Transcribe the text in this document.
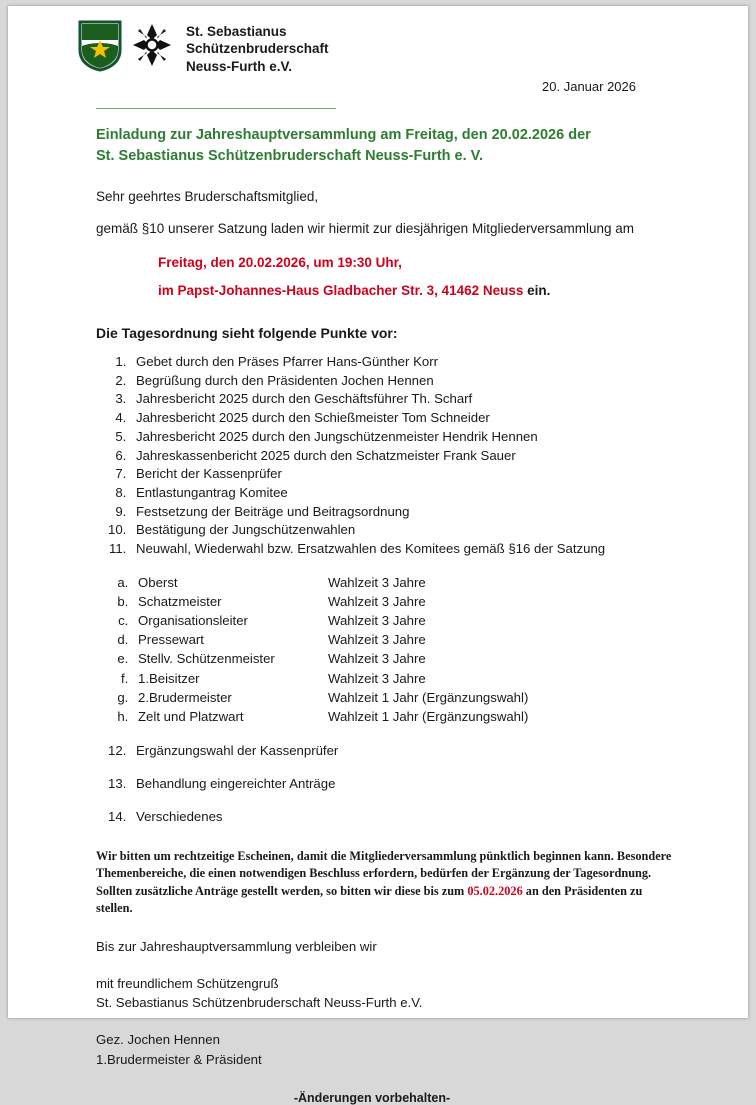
St. Sebastianus
Schützenbruderschaft
Neuss-Furth e.V.
20. Januar 2026
Einladung zur Jahreshauptversammlung am Freitag, den 20.02.2026 der
St. Sebastianus Schützenbruderschaft Neuss-Furth e. V.
Sehr geehrtes Bruderschaftsmitglied,
gemäß §10 unserer Satzung laden wir hiermit zur diesjährigen Mitgliederversammlung am
Freitag, den 20.02.2026, um 19:30 Uhr,
im Papst-Johannes-Haus Gladbacher Str. 3, 41462 Neuss ein.
Die Tagesordnung sieht folgende Punkte vor:
1. Gebet durch den Präses Pfarrer Hans-Günther Korr
2. Begrüßung durch den Präsidenten Jochen Hennen
3. Jahresbericht 2025 durch den Geschäftsführer Th. Scharf
4. Jahresbericht 2025 durch den Schießmeister Tom Schneider
5. Jahresbericht 2025 durch den Jungschützenmeister Hendrik Hennen
6. Jahreskassenbericht 2025 durch den Schatzmeister Frank Sauer
7. Bericht der Kassenprüfer
8. Entlastungantrag Komitee
9. Festsetzung der Beiträge und Beitragsordnung
10. Bestätigung der Jungschützenwahlen
11. Neuwahl, Wiederwahl bzw. Ersatzwahlen des Komitees gemäß §16 der Satzung
a. Oberst	Wahlzeit 3 Jahre
b. Schatzmeister	Wahlzeit 3 Jahre
c. Organisationsleiter	Wahlzeit 3 Jahre
d. Pressewart	Wahlzeit 3 Jahre
e. Stellv. Schützenmeister	Wahlzeit 3 Jahre
f. 1.Beisitzer	Wahlzeit 3 Jahre
g. 2.Brudermeister	Wahlzeit 1 Jahr (Ergänzungswahl)
h. Zelt und Platzwart	Wahlzeit 1 Jahr (Ergänzungswahl)
12. Ergänzungswahl der Kassenprüfer
13. Behandlung eingereichter Anträge
14. Verschiedenes
Wir bitten um rechtzeitige Escheinen, damit die Mitgliederversammlung pünktlich beginnen kann. Besondere Themenbereiche, die einen notwendigen Beschluss erfordern, bedürfen der Ergänzung der Tagesordnung. Sollten zusätzliche Anträge gestellt werden, so bitten wir diese bis zum 05.02.2026 an den Präsidenten zu stellen.
Bis zur Jahreshauptversammlung verbleiben wir
mit freundlichem Schützengruß
St. Sebastianus Schützenbruderschaft Neuss-Furth e.V.
Gez. Jochen Hennen
1.Brudermeister & Präsident
-Änderungen vorbehalten-
